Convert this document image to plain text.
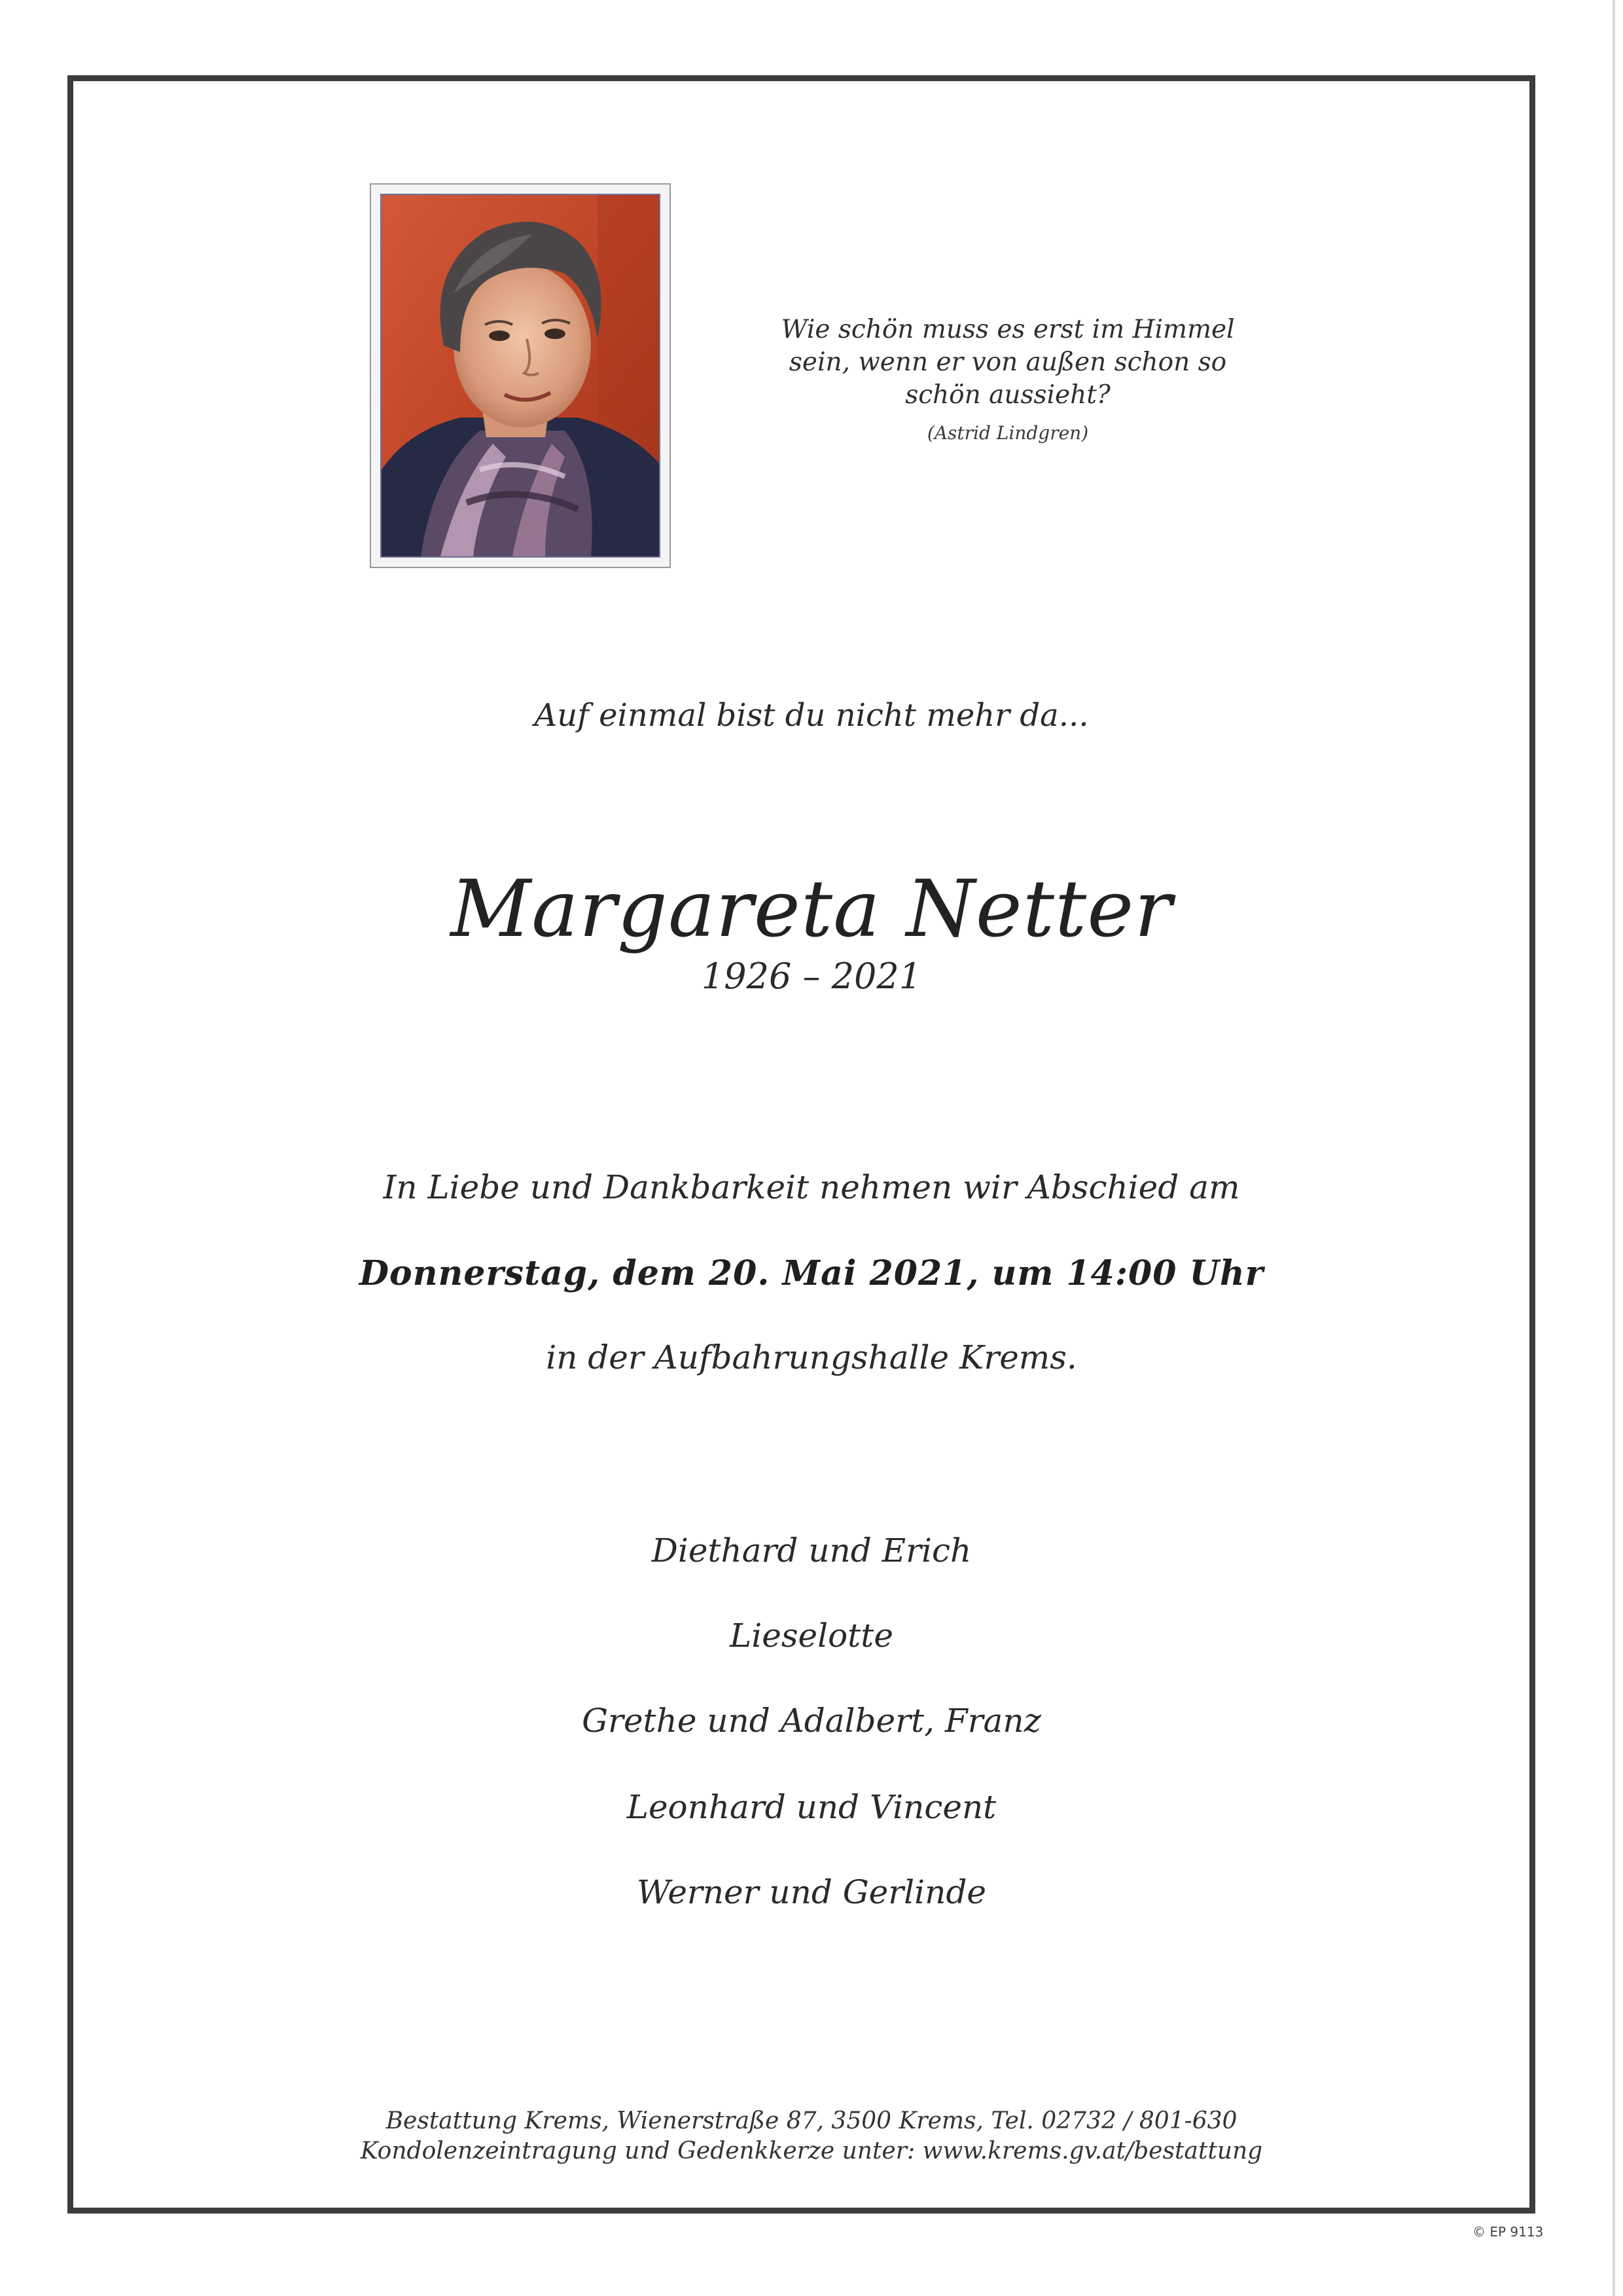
Wie schön muss es erst im Himmel
sein, wenn er von außen schon so
schön aussieht?
(Astrid Lindgren)
Auf einmal bist du nicht mehr da...
Margareta Netter
1926 – 2021
In Liebe und Dankbarkeit nehmen wir Abschied am
Donnerstag, dem 20. Mai 2021, um 14:00 Uhr
in der Aufbahrungshalle Krems.
Diethard und Erich
Lieselotte
Grethe und Adalbert, Franz
Leonhard und Vincent
Werner und Gerlinde
Bestattung Krems, Wienerstraße 87, 3500 Krems, Tel. 02732 / 801-630
Kondolenzeintragung und Gedenkkerze unter: www.krems.gv.at/bestattung
© EP 9113
